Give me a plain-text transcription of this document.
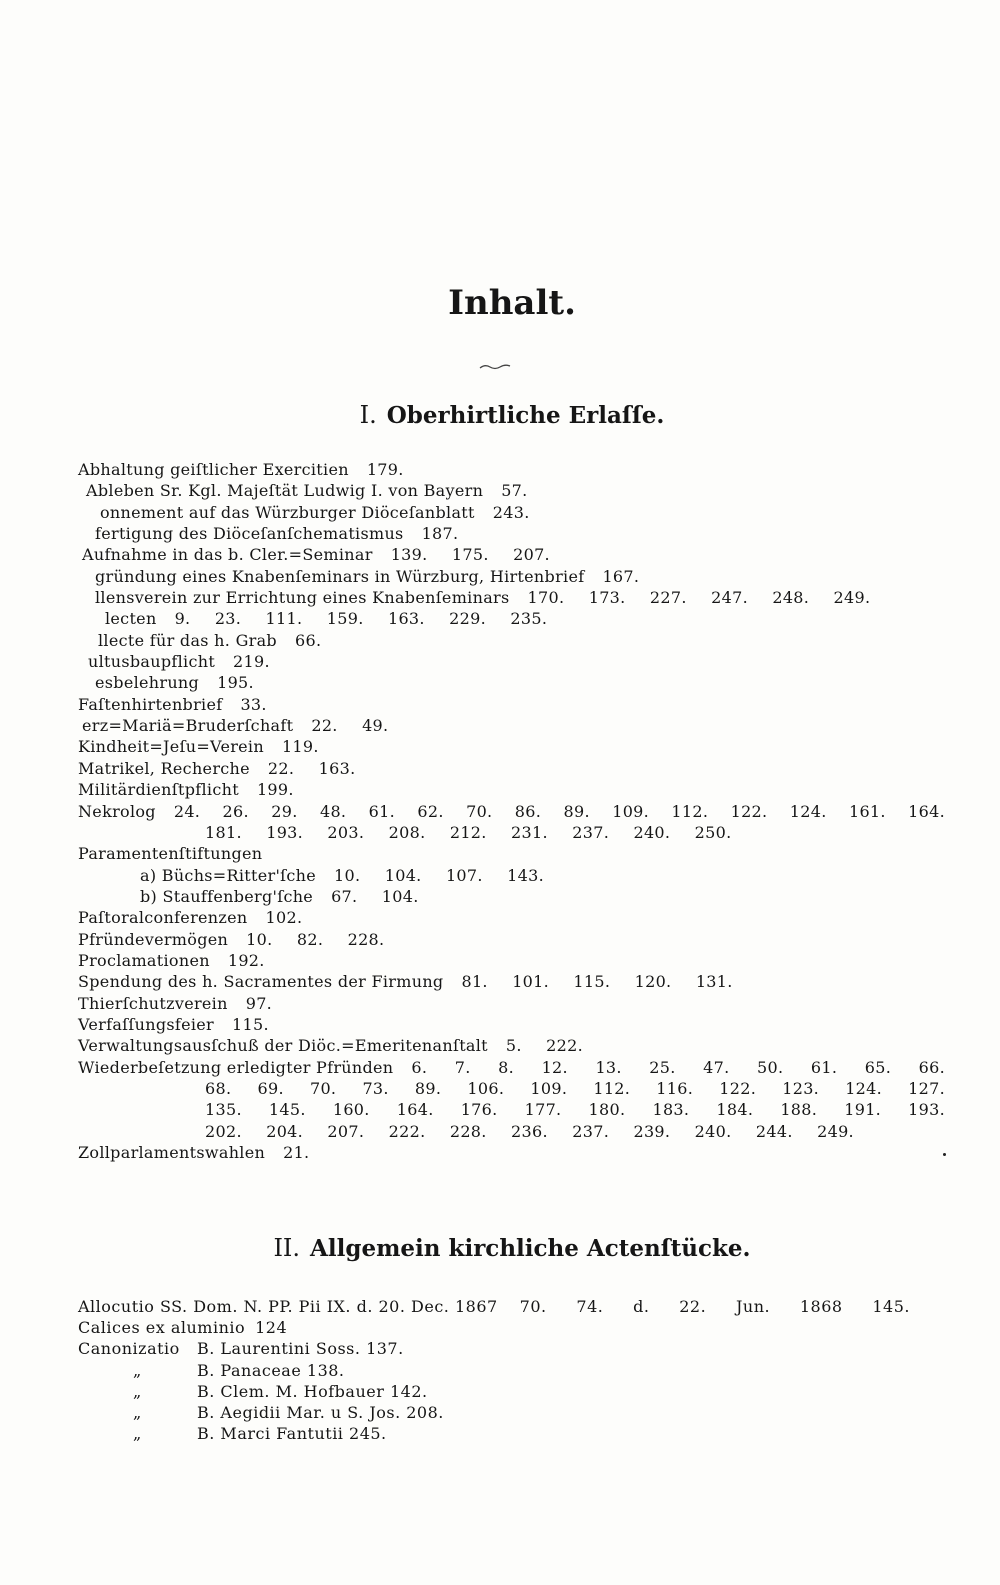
Inhalt.
I. Oberhirtliche Erlaſſe.
Abhaltung geiſtlicher Exercitien 179.
Ableben Sr. Kgl. Majeſtät Ludwig I. von Bayern 57.
onnement auf das Würzburger Diöceſanblatt 243.
fertigung des Diöceſanſchematismus 187.
Aufnahme in das b. Cler.=Seminar 139. 175. 207.
gründung eines Knabenſeminars in Würzburg, Hirtenbrief 167.
llensverein zur Errichtung eines Knabenſeminars 170. 173. 227. 247. 248. 249.
lecten 9. 23. 111. 159. 163. 229. 235.
llecte für das h. Grab 66.
ultusbaupflicht 219.
esbelehrung 195.
Faſtenhirtenbrief 33.
erz=Mariä=Bruderſchaft 22. 49.
Kindheit=Jeſu=Verein 119.
Matrikel, Recherche 22. 163.
Militärdienſtpflicht 199.
Nekrolog 24. 26. 29. 48. 61. 62. 70. 86. 89. 109. 112. 122. 124. 161. 164.
181. 193. 203. 208. 212. 231. 237. 240. 250.
Paramentenſtiftungen
a) Büchs=Ritter'ſche 10. 104. 107. 143.
b) Stauffenberg'ſche 67. 104.
Paſtoralconferenzen 102.
Pfründevermögen 10. 82. 228.
Proclamationen 192.
Spendung des h. Sacramentes der Firmung 81. 101. 115. 120. 131.
Thierſchutzverein 97.
Verfaſſungsfeier 115.
Verwaltungsausſchuß der Diöc.=Emeritenanſtalt 5. 222.
Wiederbeſetzung erledigter Pfründen 6. 7. 8. 12. 13. 25. 47. 50. 61. 65. 66.
68. 69. 70. 73. 89. 106. 109. 112. 116. 122. 123. 124. 127.
135. 145. 160. 164. 176. 177. 180. 183. 184. 188. 191. 193.
202. 204. 207. 222. 228. 236. 237. 239. 240. 244. 249.
Zollparlamentswahlen 21.
II. Allgemein kirchliche Actenſtücke.
Allocutio SS. Dom. N. PP. Pii IX. d. 20. Dec. 1867 70. 74. d. 22. Jun. 1868 145.
Calices ex aluminio 124
Canonizatio	B. Laurentini Soss. 137.
„	B. Panaceae 138.
„	B. Clem. M. Hofbauer 142.
„	B. Aegidii Mar. u S. Jos. 208.
„	B. Marci Fantutii 245.
